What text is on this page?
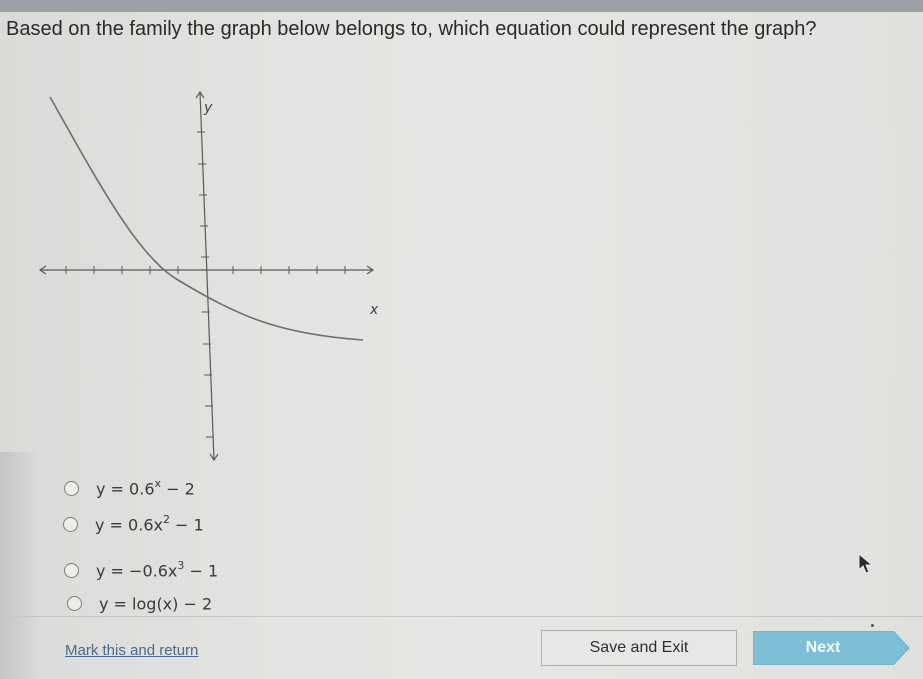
Based on the family the graph below belongs to, which equation could represent the graph?
y
x
$y = 0.6^x - 2$
$y = 0.6x^2 - 1$
$y = -0.6x^3 - 1$
y = log(x) − 2
Mark this and return	Save and Exit	Next
